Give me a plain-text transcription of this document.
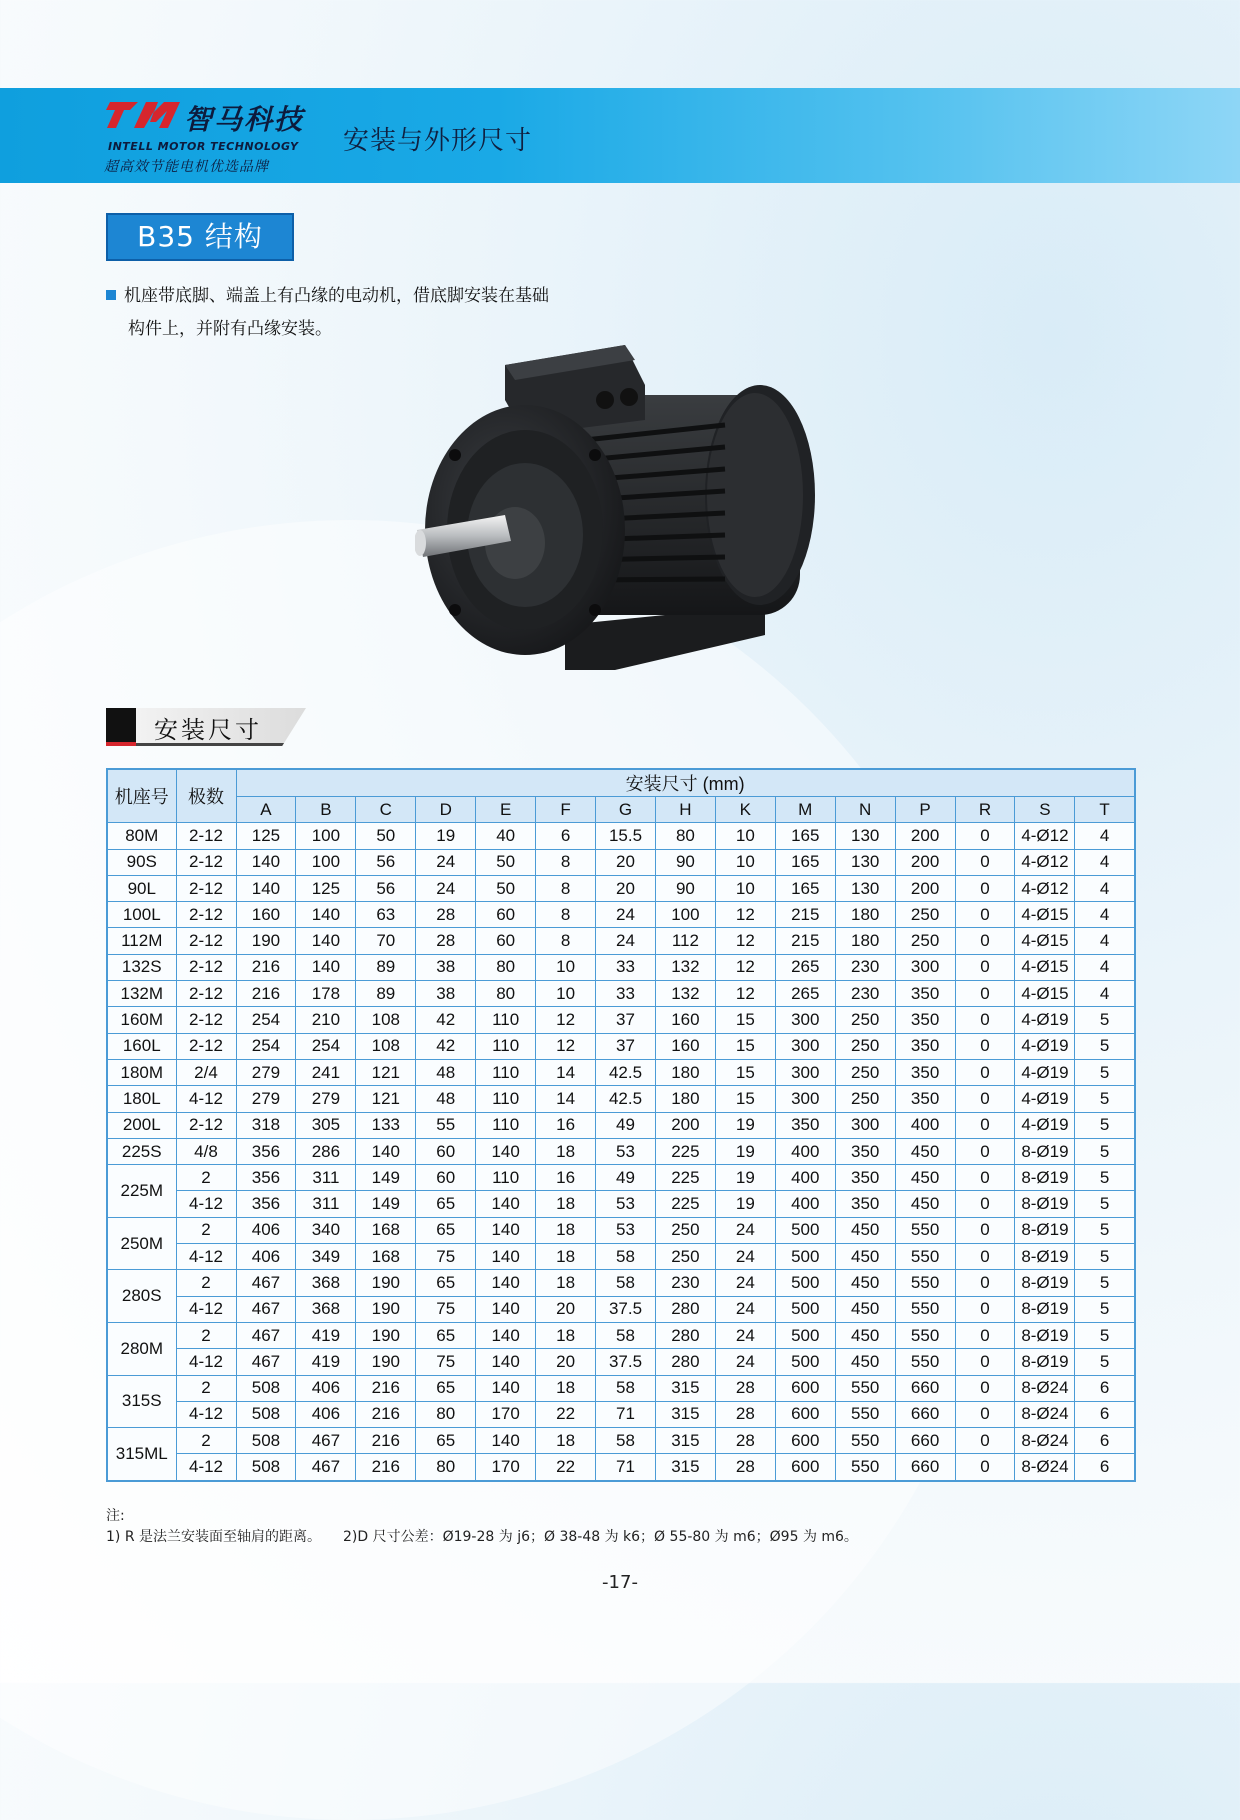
智马科技
INTELL MOTOR TECHNOLOGY
超高效节能电机优选品牌
安装与外形尺寸
B35 结构
机座带底脚、端盖上有凸缘的电动机，借底脚安装在基础
构件上，并附有凸缘安装。
安装尺寸
机座号	极数	安装尺寸 (mm)														
		A	B	C	D	E	F	G	H	K	M	N	P	R	S	T
80M	2-12	125	100	50	19	40	6	15.5	80	10	165	130	200	0	4-Ø12	4
90S	2-12	140	100	56	24	50	8	20	90	10	165	130	200	0	4-Ø12	4
90L	2-12	140	125	56	24	50	8	20	90	10	165	130	200	0	4-Ø12	4
100L	2-12	160	140	63	28	60	8	24	100	12	215	180	250	0	4-Ø15	4
112M	2-12	190	140	70	28	60	8	24	112	12	215	180	250	0	4-Ø15	4
132S	2-12	216	140	89	38	80	10	33	132	12	265	230	300	0	4-Ø15	4
132M	2-12	216	178	89	38	80	10	33	132	12	265	230	350	0	4-Ø15	4
160M	2-12	254	210	108	42	110	12	37	160	15	300	250	350	0	4-Ø19	5
160L	2-12	254	254	108	42	110	12	37	160	15	300	250	350	0	4-Ø19	5
180M	2/4	279	241	121	48	110	14	42.5	180	15	300	250	350	0	4-Ø19	5
180L	4-12	279	279	121	48	110	14	42.5	180	15	300	250	350	0	4-Ø19	5
200L	2-12	318	305	133	55	110	16	49	200	19	350	300	400	0	4-Ø19	5
225S	4/8	356	286	140	60	140	18	53	225	19	400	350	450	0	8-Ø19	5
225M	2	356	311	149	60	110	16	49	225	19	400	350	450	0	8-Ø19	5
	4-12	356	311	149	65	140	18	53	225	19	400	350	450	0	8-Ø19	5
250M	2	406	340	168	65	140	18	53	250	24	500	450	550	0	8-Ø19	5
	4-12	406	349	168	75	140	18	58	250	24	500	450	550	0	8-Ø19	5
280S	2	467	368	190	65	140	18	58	230	24	500	450	550	0	8-Ø19	5
	4-12	467	368	190	75	140	20	37.5	280	24	500	450	550	0	8-Ø19	5
280M	2	467	419	190	65	140	18	58	280	24	500	450	550	0	8-Ø19	5
	4-12	467	419	190	75	140	20	37.5	280	24	500	450	550	0	8-Ø19	5
315S	2	508	406	216	65	140	18	58	315	28	600	550	660	0	8-Ø24	6
	4-12	508	406	216	80	170	22	71	315	28	600	550	660	0	8-Ø24	6
315ML	2	508	467	216	65	140	18	58	315	28	600	550	660	0	8-Ø24	6
	4-12	508	467	216	80	170	22	71	315	28	600	550	660	0	8-Ø24	6
注:
1) R 是法兰安装面至轴肩的距离。 2)D 尺寸公差：Ø19-28 为 j6；Ø 38-48 为 k6；Ø 55-80 为 m6；Ø95 为 m6。
-17-
